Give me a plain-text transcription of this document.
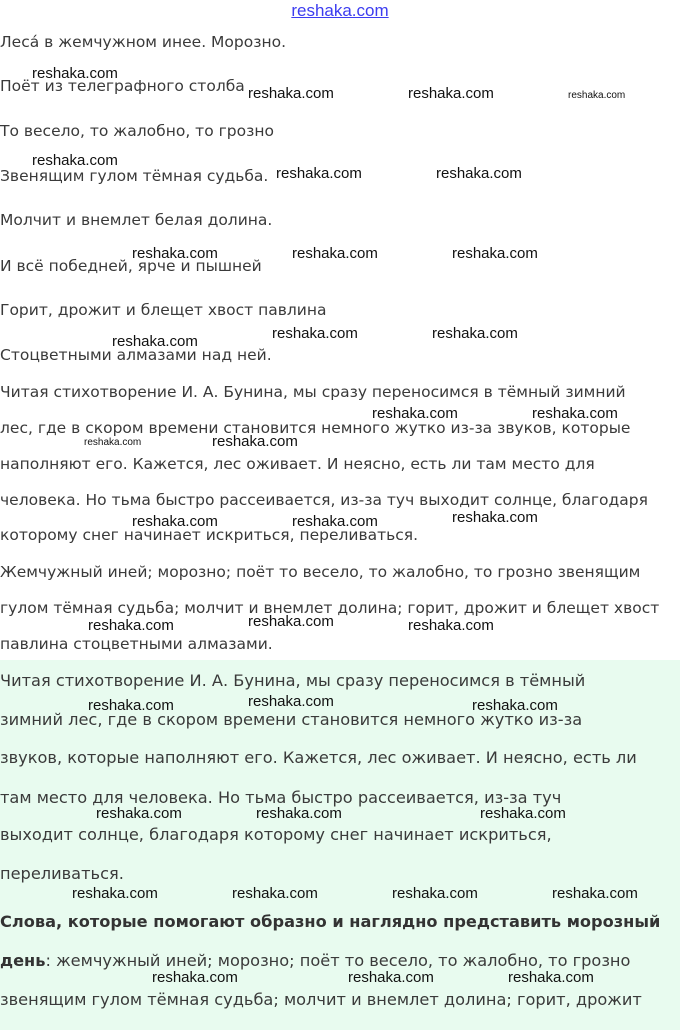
reshaka.com
Леса́ в жемчужном инее. Морозно.
Поёт из телеграфного столба
То весело, то жалобно, то грозно
Звенящим гулом тёмная судьба.
Молчит и внемлет белая долина.
И всё победней, ярче и пышней
Горит, дрожит и блещет хвост павлина
Стоцветными алмазами над ней.
Читая стихотворение И. А. Бунина, мы сразу переносимся в тёмный зимний
лес, где в скором времени становится немного жутко из-за звуков, которые
наполняют его. Кажется, лес оживает. И неясно, есть ли там место для
человека. Но тьма быстро рассеивается, из-за туч выходит солнце, благодаря
которому снег начинает искриться, переливаться.
Жемчужный иней; морозно; поёт то весело, то жалобно, то грозно звенящим
гулом тёмная судьба; молчит и внемлет долина; горит, дрожит и блещет хвост
павлина стоцветными алмазами.
Читая стихотворение И. А. Бунина, мы сразу переносимся в тёмный
зимний лес, где в скором времени становится немного жутко из-за
звуков, которые наполняют его. Кажется, лес оживает. И неясно, есть ли
там место для человека. Но тьма быстро рассеивается, из-за туч
выходит солнце, благодаря которому снег начинает искриться,
переливаться.
Слова, которые помогают образно и наглядно представить морозный
день: жемчужный иней; морозно; поёт то весело, то жалобно, то грозно
звенящим гулом тёмная судьба; молчит и внемлет долина; горит, дрожит
reshaka.com
reshaka.com	reshaka.com	reshaka.com
reshaka.com
reshaka.com	reshaka.com
reshaka.com	reshaka.com	reshaka.com
reshaka.com	reshaka.com
reshaka.com
reshaka.com	reshaka.com
reshaka.com	reshaka.com
reshaka.com	reshaka.com	reshaka.com
reshaka.com	reshaka.com	reshaka.com
reshaka.com	reshaka.com	reshaka.com
reshaka.com	reshaka.com	reshaka.com
reshaka.com	reshaka.com	reshaka.com	reshaka.com
reshaka.com	reshaka.com	reshaka.com
